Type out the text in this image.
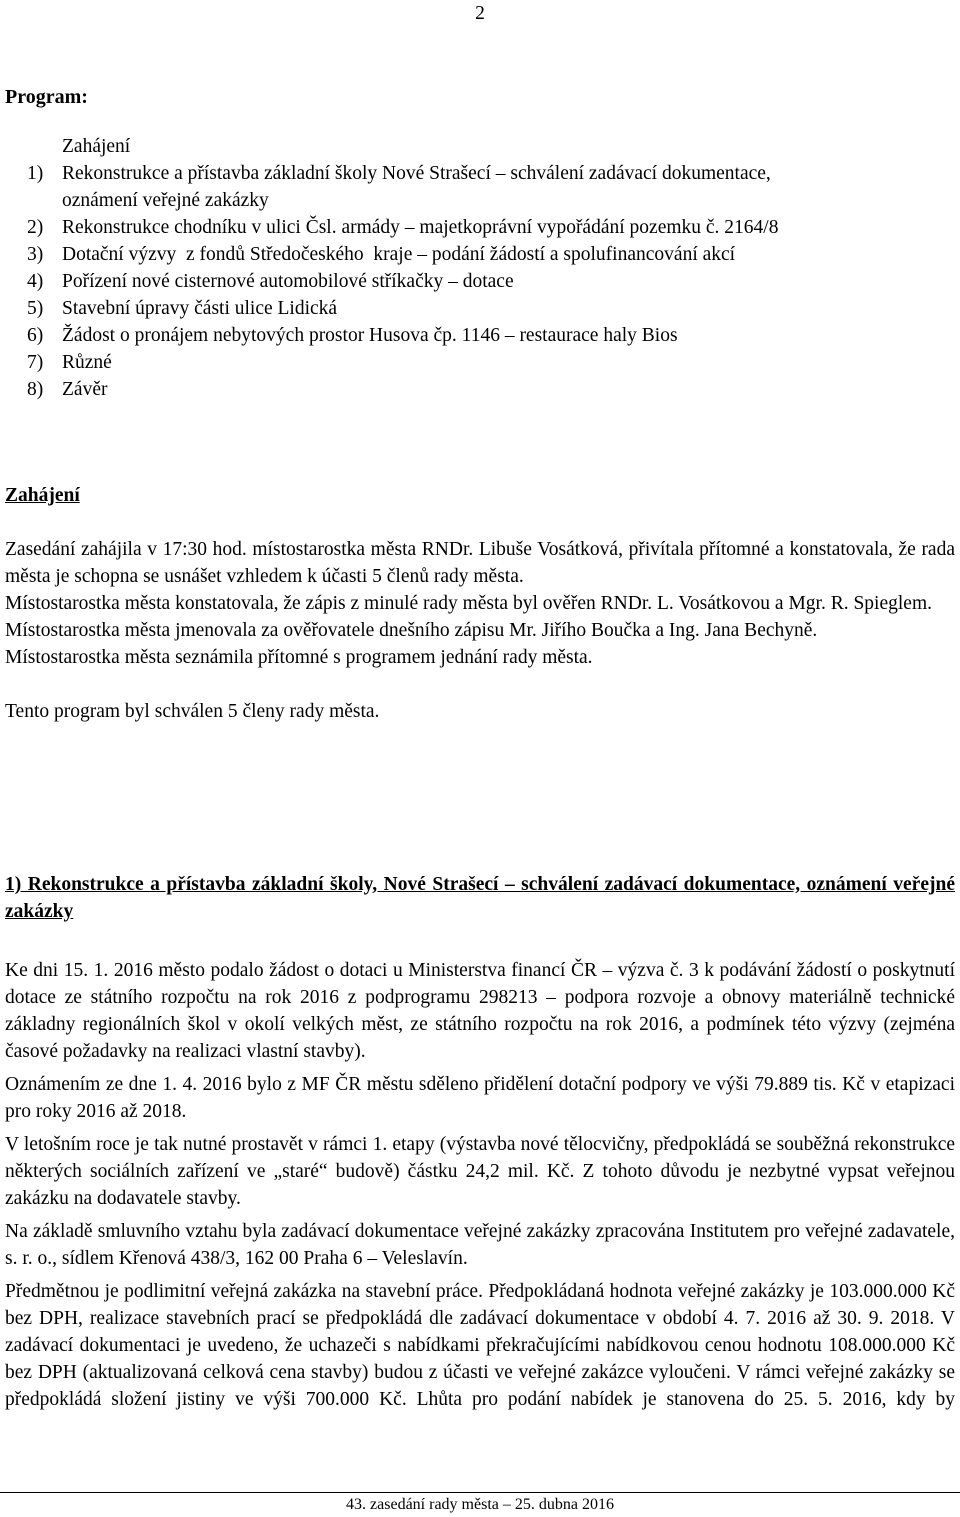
2
Program:
Zahájení
1) Rekonstrukce a přístavba základní školy Nové Strašecí – schválení zadávací dokumentace,
oznámení veřejné zakázky
2) Rekonstrukce chodníku v ulici Čsl. armády – majetkoprávní vypořádání pozemku č. 2164/8
3) Dotační výzvy  z fondů Středočeského  kraje – podání žádostí a spolufinancování akcí
4) Pořízení nové cisternové automobilové stříkačky – dotace
5) Stavební úpravy části ulice Lidická
6) Žádost o pronájem nebytových prostor Husova čp. 1146 – restaurace haly Bios
7) Různé
8) Závěr
Zahájení

Zasedání zahájila v 17:30 hod. místostarostka města RNDr. Libuše Vosátková, přivítala přítomné a konstatovala, že rada města je schopna se usnášet vzhledem k účasti 5 členů rady města.

Místostarostka města konstatovala, že zápis z minulé rady města byl ověřen RNDr. L. Vosátkovou a Mgr. R. Spieglem.

Místostarostka města jmenovala za ověřovatele dnešního zápisu Mr. Jiřího Boučka a Ing. Jana Bechyně.

Místostarostka města seznámila přítomné s programem jednání rady města.

Tento program byl schválen 5 členy rady města.

1) Rekonstrukce a přístavba základní školy, Nové Strašecí – schválení zadávací dokumentace, oznámení veřejné zakázky

Ke dni 15. 1. 2016 město podalo žádost o dotaci u Ministerstva financí ČR – výzva č. 3 k podávání žádostí o poskytnutí dotace ze státního rozpočtu na rok 2016 z podprogramu 298213 – podpora rozvoje a obnovy materiálně technické základny regionálních škol v okolí velkých měst, ze státního rozpočtu na rok 2016, a podmínek této výzvy (zejména časové požadavky na realizaci vlastní stavby).

Oznámením ze dne 1. 4. 2016 bylo z MF ČR městu sděleno přidělení dotační podpory ve výši 79.889 tis. Kč v etapizaci pro roky 2016 až 2018.

V letošním roce je tak nutné prostavět v rámci 1. etapy (výstavba nové tělocvičny, předpokládá se souběžná rekonstrukce některých sociálních zařízení ve „staré“ budově) částku 24,2 mil. Kč. Z tohoto důvodu je nezbytné vypsat veřejnou zakázku na dodavatele stavby.

Na základě smluvního vztahu byla zadávací dokumentace veřejné zakázky zpracována Institutem pro veřejné zadavatele, s. r. o., sídlem Křenová 438/3, 162 00 Praha 6 – Veleslavín.

Předmětnou je podlimitní veřejná zakázka na stavební práce. Předpokládaná hodnota veřejné zakázky je 103.000.000 Kč bez DPH, realizace stavebních prací se předpokládá dle zadávací dokumentace v období 4. 7. 2016 až 30. 9. 2018. V zadávací dokumentaci je uvedeno, že uchazeči s nabídkami překračujícími nabídkovou cenou hodnotu 108.000.000 Kč bez DPH (aktualizovaná celková cena stavby) budou z účasti ve veřejné zakázce vyloučeni. V rámci veřejné zakázky se předpokládá složení jistiny ve výši 700.000 Kč. Lhůta pro podání nabídek je stanovena do 25. 5. 2016, kdy by

43. zasedání rady města – 25. dubna 2016
